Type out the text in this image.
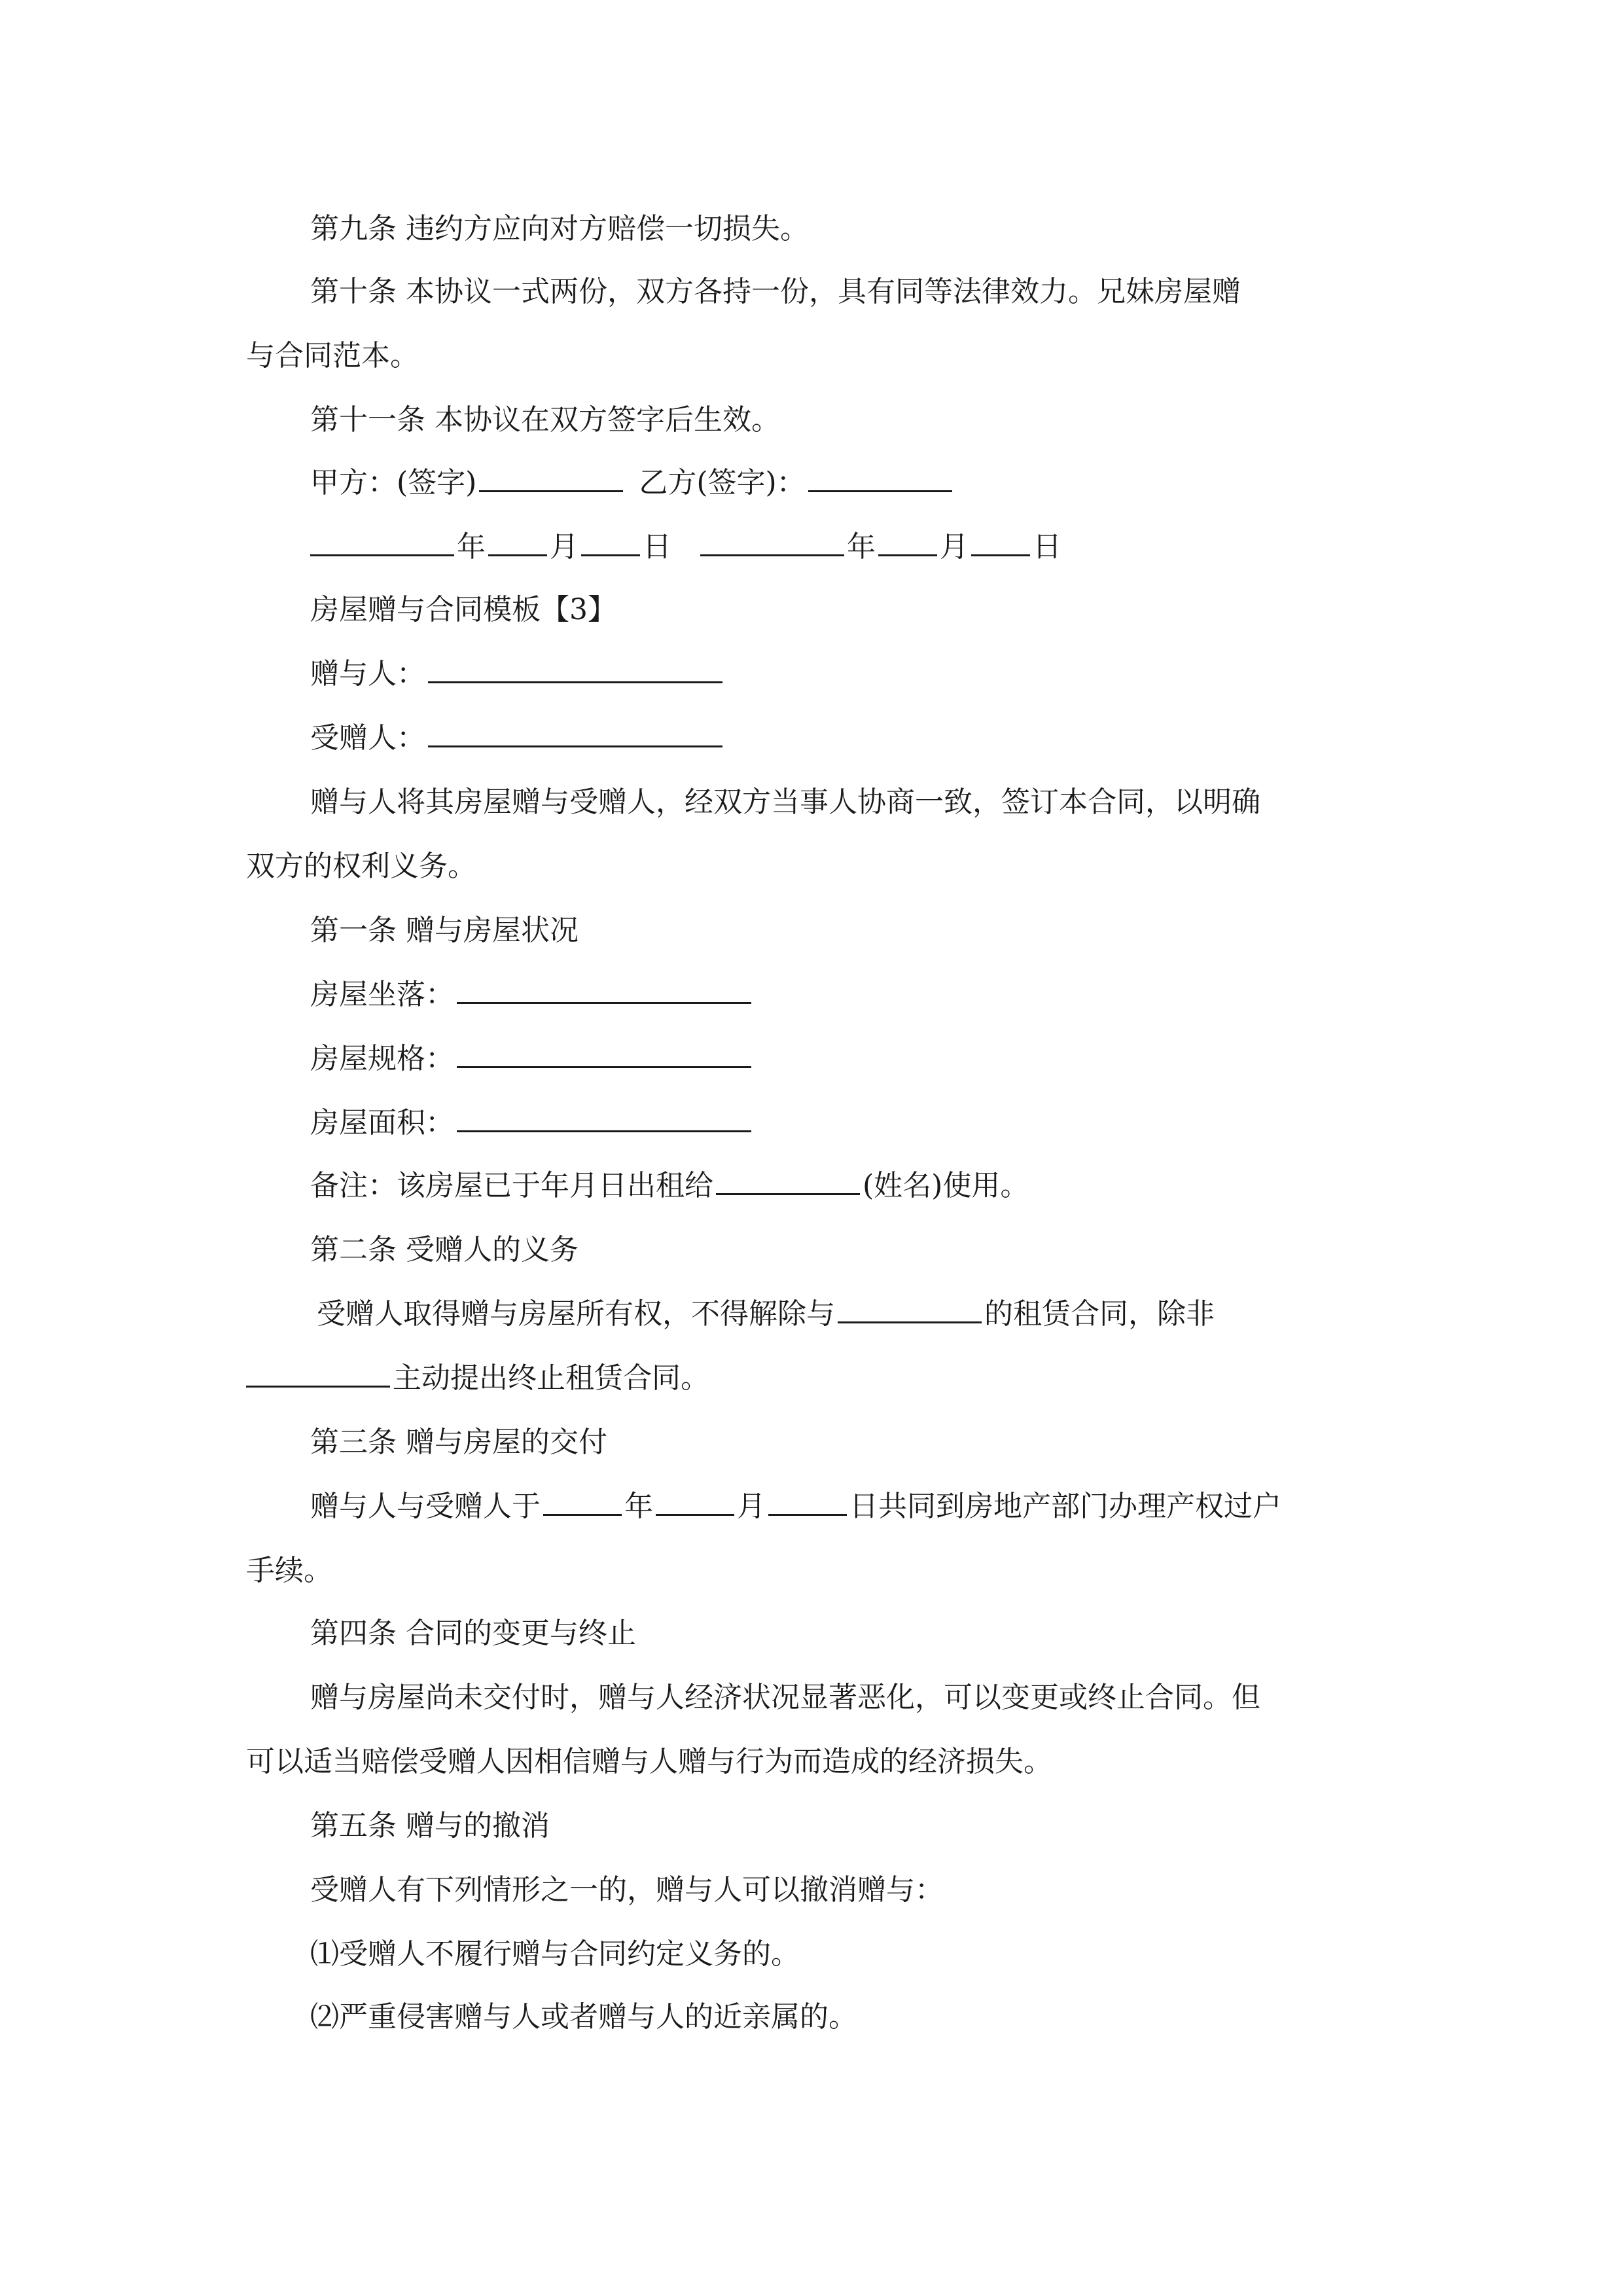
第九条 违约方应向对方赔偿一切损失。
第十条 本协议一式两份，双方各持一份，具有同等法律效力。兄妹房屋赠
与合同范本。
第十一条 本协议在双方签字后生效。
甲方：(签字)	乙方(签字)：
年 月 日	年 月 日
房屋赠与合同模板【3】
赠与人：
受赠人：
赠与人将其房屋赠与受赠人，经双方当事人协商一致，签订本合同，以明确
双方的权利义务。
第一条 赠与房屋状况
房屋坐落：
房屋规格：
房屋面积：
备注：该房屋已于年月日出租给	(姓名)使用。
第二条 受赠人的义务
受赠人取得赠与房屋所有权，不得解除与	的租赁合同，除非
主动提出终止租赁合同。
第三条 赠与房屋的交付
赠与人与受赠人于	年	月	日共同到房地产部门办理产权过户
手续。
第四条 合同的变更与终止
赠与房屋尚未交付时，赠与人经济状况显著恶化，可以变更或终止合同。但
可以适当赔偿受赠人因相信赠与人赠与行为而造成的经济损失。
第五条 赠与的撤消
受赠人有下列情形之一的，赠与人可以撤消赠与：
⑴受赠人不履行赠与合同约定义务的。
⑵严重侵害赠与人或者赠与人的近亲属的。
